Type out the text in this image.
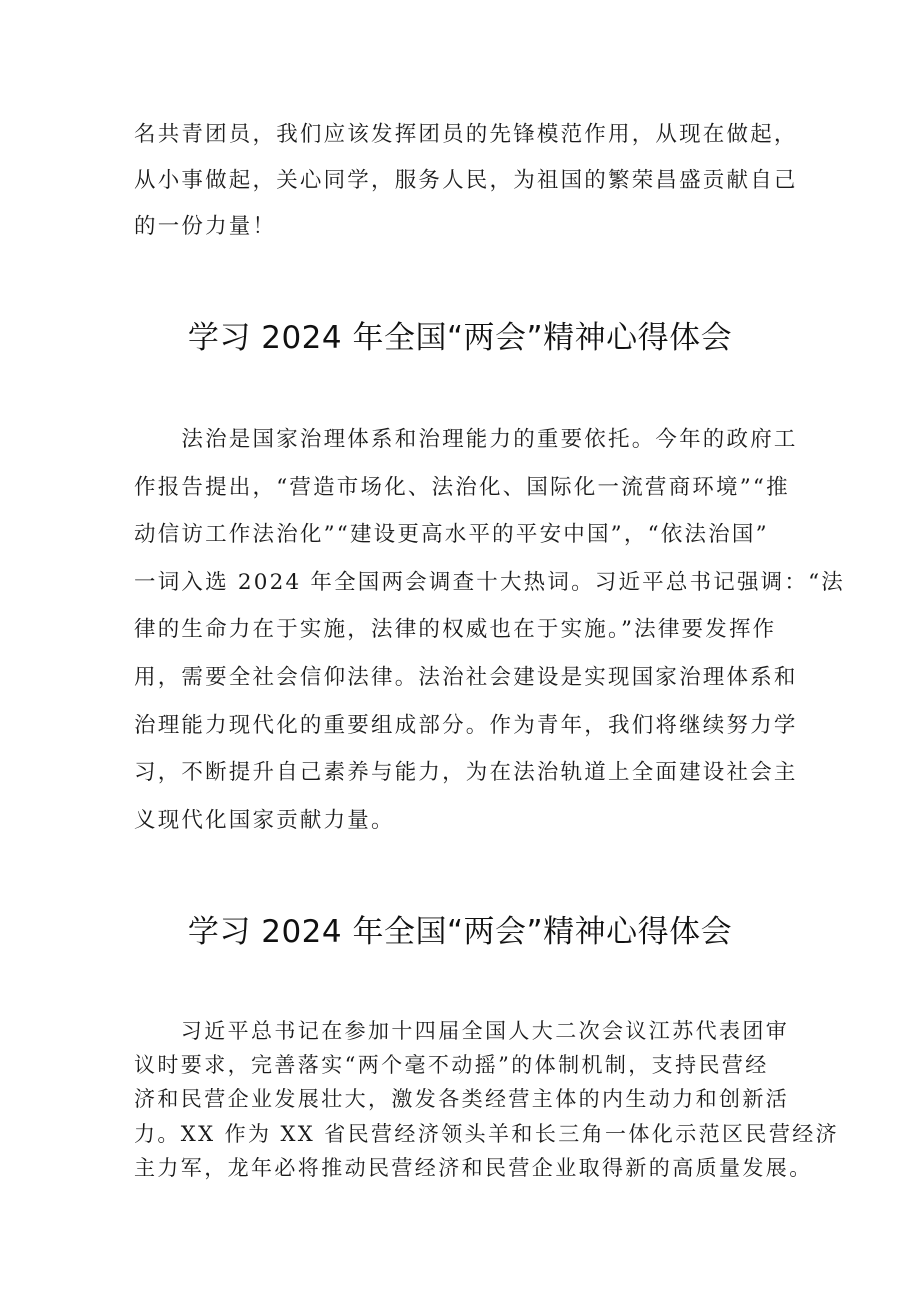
名共青团员，我们应该发挥团员的先锋模范作用，从现在做起，
从小事做起，关心同学，服务人民，为祖国的繁荣昌盛贡献自己
的一份力量！

学习 2024 年全国“两会”精神心得体会

　　法治是国家治理体系和治理能力的重要依托。今年的政府工
作报告提出，“营造市场化、法治化、国际化一流营商环境”“推
动信访工作法治化”“建设更高水平的平安中国”，“依法治国”
一词入选 2024 年全国两会调查十大热词。习近平总书记强调：“法
律的生命力在于实施，法律的权威也在于实施。”法律要发挥作
用，需要全社会信仰法律。法治社会建设是实现国家治理体系和
治理能力现代化的重要组成部分。作为青年，我们将继续努力学
习，不断提升自己素养与能力，为在法治轨道上全面建设社会主
义现代化国家贡献力量。

学习 2024 年全国“两会”精神心得体会

　　习近平总书记在参加十四届全国人大二次会议江苏代表团审
议时要求，完善落实“两个毫不动摇”的体制机制，支持民营经
济和民营企业发展壮大，激发各类经营主体的内生动力和创新活
力。XX 作为 XX 省民营经济领头羊和长三角一体化示范区民营经济
主力军，龙年必将推动民营经济和民营企业取得新的高质量发展。
